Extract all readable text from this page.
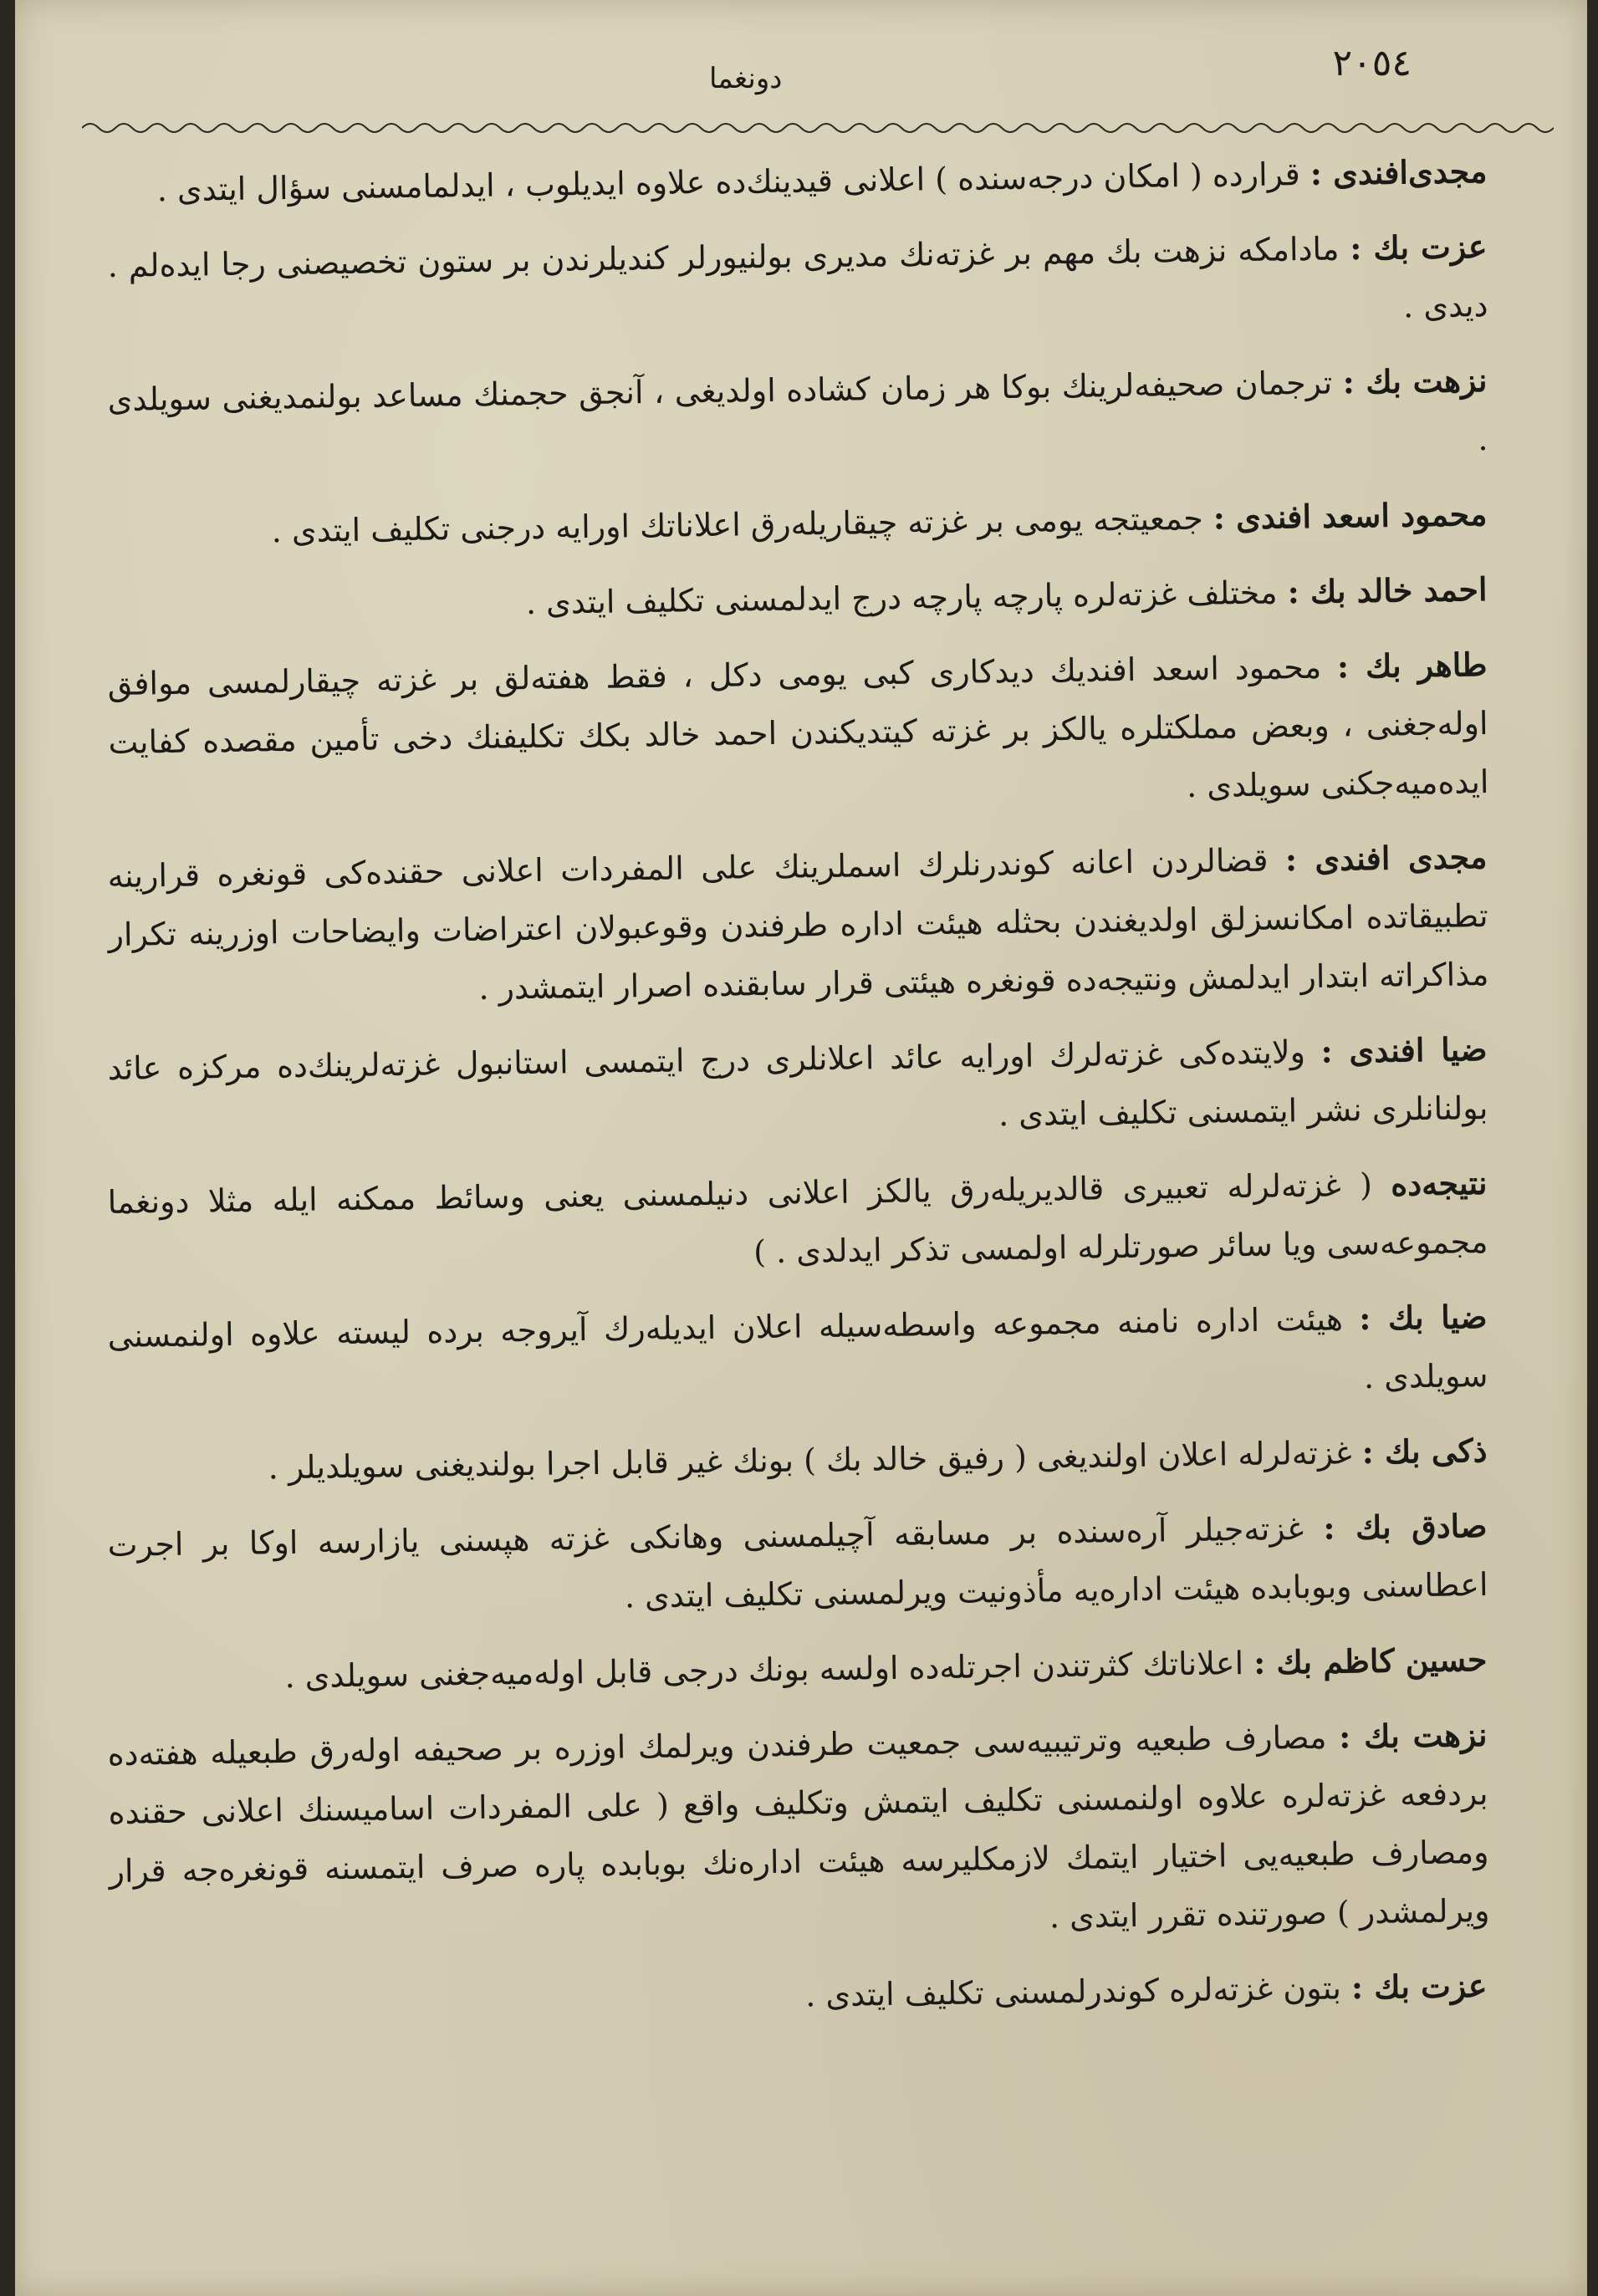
٢٠٥٤
دونغما

مجدى‌افندى : قرارده ( امكان درجه‌سنده ) اعلانى قيدينك‌ده علاوه ايديلوب ، ايدلمامسنى سؤال ايتدى .

عزت بك : مادامكه نزهت بك مهم بر غزته‌نك مديرى بولنيورلر كنديلرندن بر ستون تخصيصنى رجا ايده‌لم . ديدى .

نزهت بك : ترجمان صحيفه‌لرينك بوكا هر زمان كشاده اولديغى ، آنجق حجمنك مساعد بولنمديغنى سويلدى .

محمود اسعد افندى : جمعيتجه يومى بر غزته چيقاريله‌رق اعلاناتك اورايه درجنى تكليف ايتدى .

احمد خالد بك : مختلف غزته‌لره پارچه پارچه درج ايدلمسنى تكليف ايتدى .

طاهر بك : محمود اسعد افنديك ديدكارى كبى يومى دكل ، فقط هفته‌لق بر غزته چيقارلمسى موافق اوله‌جغنى ، وبعض مملكتلره يالكز بر غزته كيتديكندن احمد خالد بكك تكليفنك دخى تأمين مقصده كفايت ايده‌ميه‌جكنى سويلدى .

مجدى افندى : قضالردن اعانه كوندرنلرك اسملرينك على المفردات اعلانى حقنده‌كى قونغره قرارينه تطبيقاتده امكانسزلق اولديغندن بحثله هيئت اداره طرفندن وقوعبولان اعتراضات وايضاحات اوزرينه تكرار مذاكراته ابتدار ايدلمش ونتيجه‌ده قونغره هيئتى قرار سابقنده اصرار ايتمشدر .

ضيا افندى : ولايتده‌كى غزته‌لرك اورايه عائد اعلانلرى درج ايتمسى استانبول غزته‌لرينك‌ده مركزه عائد بولنانلرى نشر ايتمسنى تكليف ايتدى .

نتيجه‌ده ( غزته‌لرله تعبيرى قالديريله‌رق يالكز اعلانى دنيلمسنى يعنى وسائط ممكنه ايله مثلا دونغما مجموعه‌سى ويا سائر صورتلرله اولمسى تذكر ايدلدى . )

ضيا بك : هيئت اداره نامنه مجموعه واسطه‌سيله اعلان ايديله‌رك آيروجه برده ليسته علاوه اولنمسنى سويلدى .

ذكى بك : غزته‌لرله اعلان اولنديغى ( رفيق خالد بك ) بونك غير قابل اجرا بولنديغنى سويلديلر .

صادق بك : غزته‌جيلر آره‌سنده بر مسابقه آچيلمسنى وهانكى غزته هپسنى يازارسه اوكا بر اجرت اعطاسنى وبوبابده هيئت اداره‌يه مأذونيت ويرلمسنى تكليف ايتدى .

حسين كاظم بك : اعلاناتك كثرتندن اجرتله‌ده اولسه بونك درجى قابل اوله‌ميه‌جغنى سويلدى .

نزهت بك : مصارف طبعيه وترتيبيه‌سى جمعيت طرفندن ويرلمك اوزره بر صحيفه اوله‌رق طبعيله هفته‌ده بردفعه غزته‌لره علاوه اولنمسنى تكليف ايتمش وتكليف واقع ( على المفردات اساميسنك اعلانى حقنده ومصارف طبعيه‌يى اختيار ايتمك لازمكليرسه هيئت اداره‌نك بوبابده پاره صرف ايتمسنه قونغره‌جه قرار ويرلمشدر ) صورتنده تقرر ايتدى .

عزت بك : بتون غزته‌لره كوندرلمسنى تكليف ايتدى .
